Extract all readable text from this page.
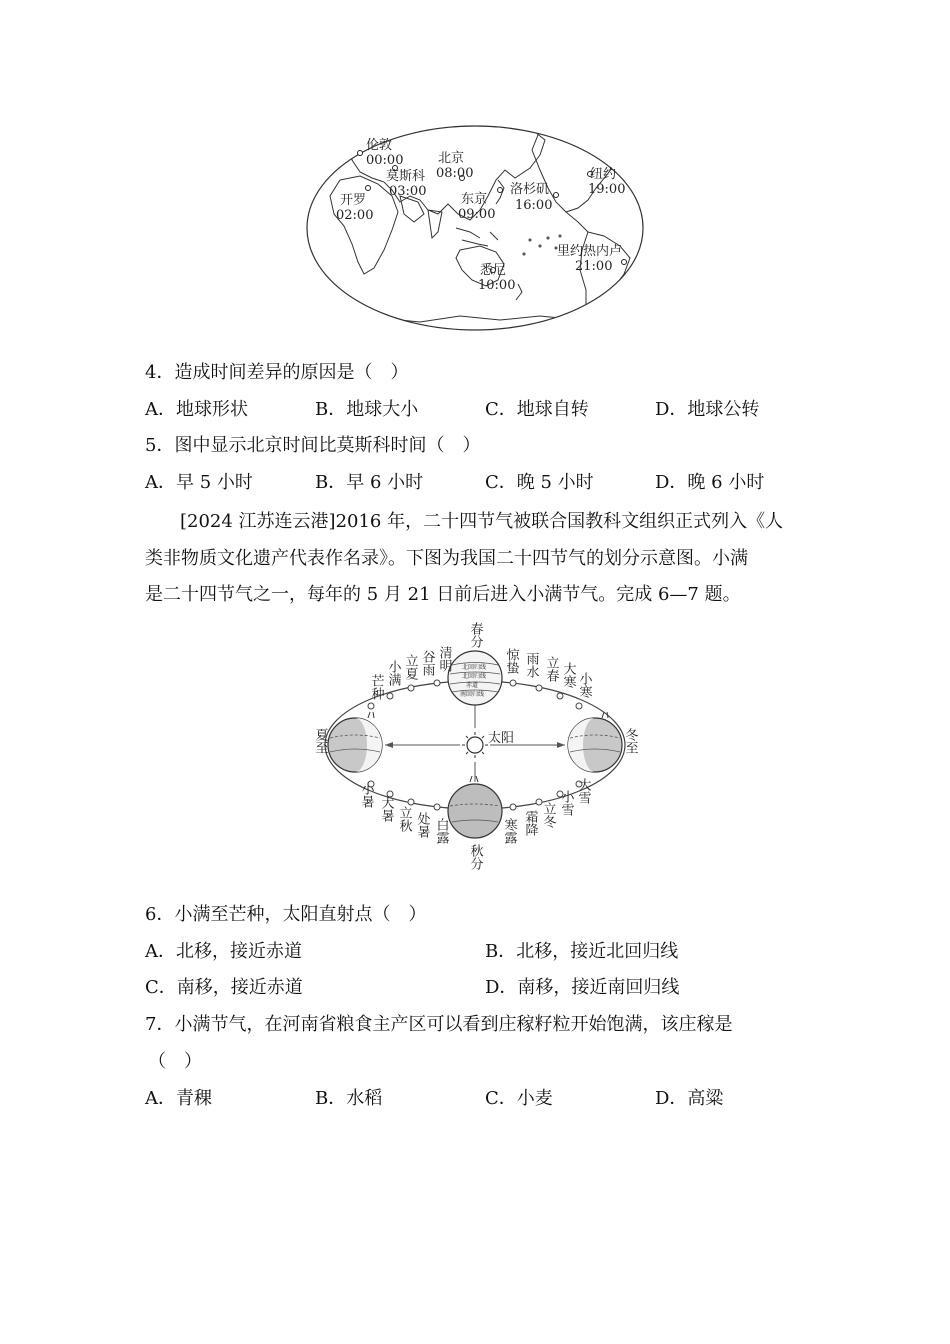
伦敦
00:00
莫斯科
03:00
开罗
02:00
北京
08:00
东京
09:00
洛杉矶
16:00
纽约
19:00
里约热内卢
21:00
悉尼
10:00
4．造成时间差异的原因是（　）
A．地球形状	B．地球大小	C．地球自转	D．地球公转
5．图中显示北京时间比莫斯科时间（　）
A．早 5 小时	B．早 6 小时	C．晚 5 小时	D．晚 6 小时
[2024 江苏连云港]2016 年，二十四节气被联合国教科文组织正式列入《人
类非物质文化遗产代表作名录》。下图为我国二十四节气的划分示意图。小满
是二十四节气之一，每年的 5 月 21 日前后进入小满节气。完成 6—7 题。
太阳
北回归线
北回归线
赤道
南回归线
春分
惊蛰 雨水 立春 大寒 小寒
冬至
大雪
小雪
立冬
霜降
寒露
秋分
白露
处暑
立秋
大暑
小暑
夏至
芒种
小满 立夏 谷雨 清明
6．小满至芒种，太阳直射点（　）
A．北移，接近赤道	B．北移，接近北回归线
C．南移，接近赤道	D．南移，接近南回归线
7．小满节气，在河南省粮食主产区可以看到庄稼籽粒开始饱满，该庄稼是
（　）
A．青稞	B．水稻	C．小麦	D．高粱
